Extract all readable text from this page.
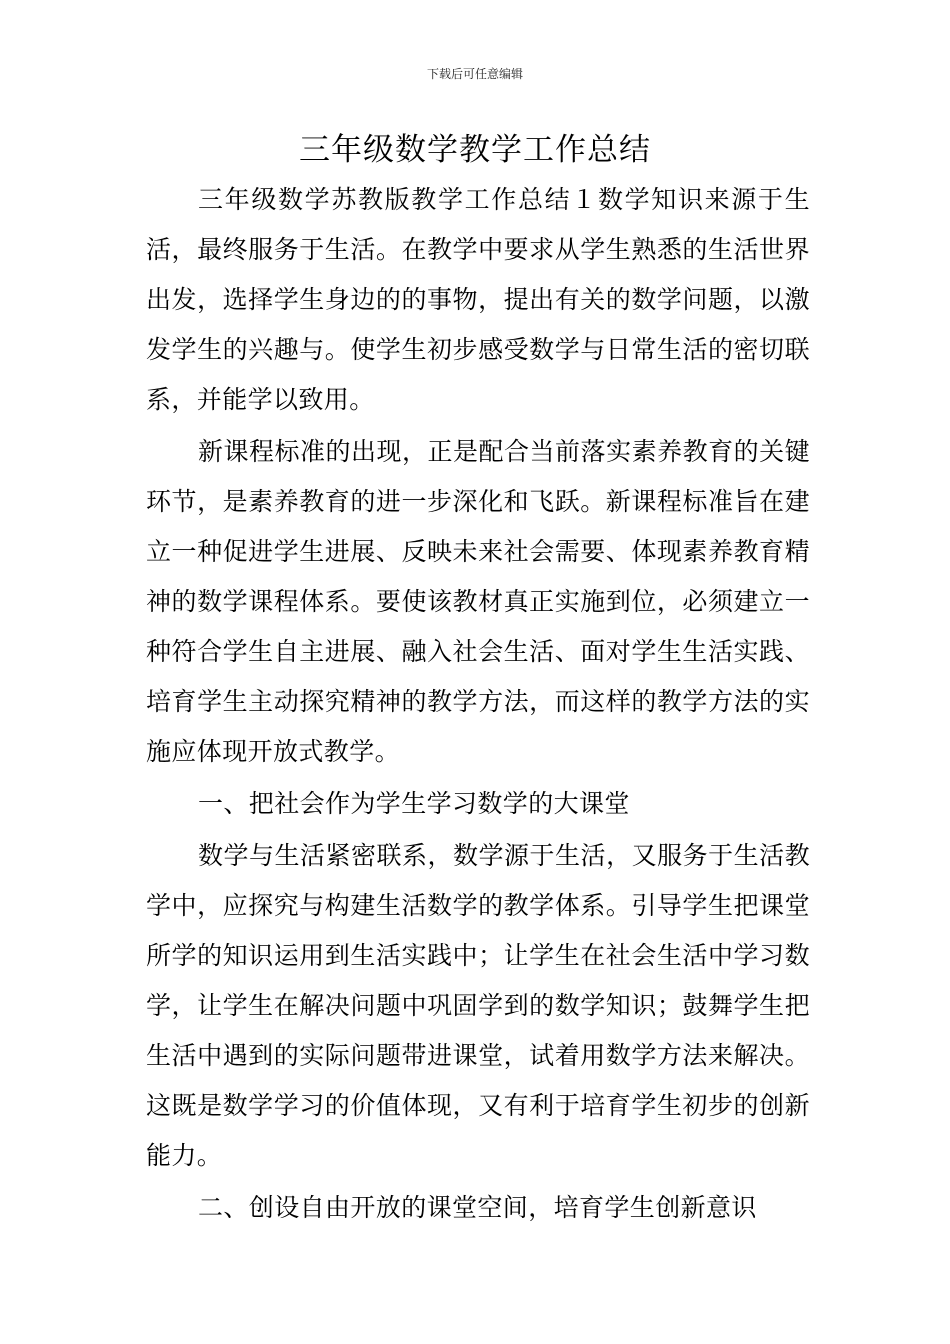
下载后可任意编辑
三年级数学教学工作总结

三年级数学苏教版教学工作总结１数学知识来源于生活，最终服务于生活。在教学中要求从学生熟悉的生活世界出发，选择学生身边的的事物，提出有关的数学问题，以激发学生的兴趣与。使学生初步感受数学与日常生活的密切联系，并能学以致用。

新课程标准的出现，正是配合当前落实素养教育的关键环节，是素养教育的进一步深化和飞跃。新课程标准旨在建立一种促进学生进展、反映未来社会需要、体现素养教育精神的数学课程体系。要使该教材真正实施到位，必须建立一种符合学生自主进展、融入社会生活、面对学生生活实践、培育学生主动探究精神的教学方法，而这样的教学方法的实施应体现开放式教学。

一、把社会作为学生学习数学的大课堂

数学与生活紧密联系，数学源于生活，又服务于生活教学中，应探究与构建生活数学的教学体系。引导学生把课堂所学的知识运用到生活实践中；让学生在社会生活中学习数学，让学生在解决问题中巩固学到的数学知识；鼓舞学生把生活中遇到的实际问题带进课堂，试着用数学方法来解决。这既是数学学习的价值体现，又有利于培育学生初步的创新能力。

二、创设自由开放的课堂空间，培育学生创新意识
